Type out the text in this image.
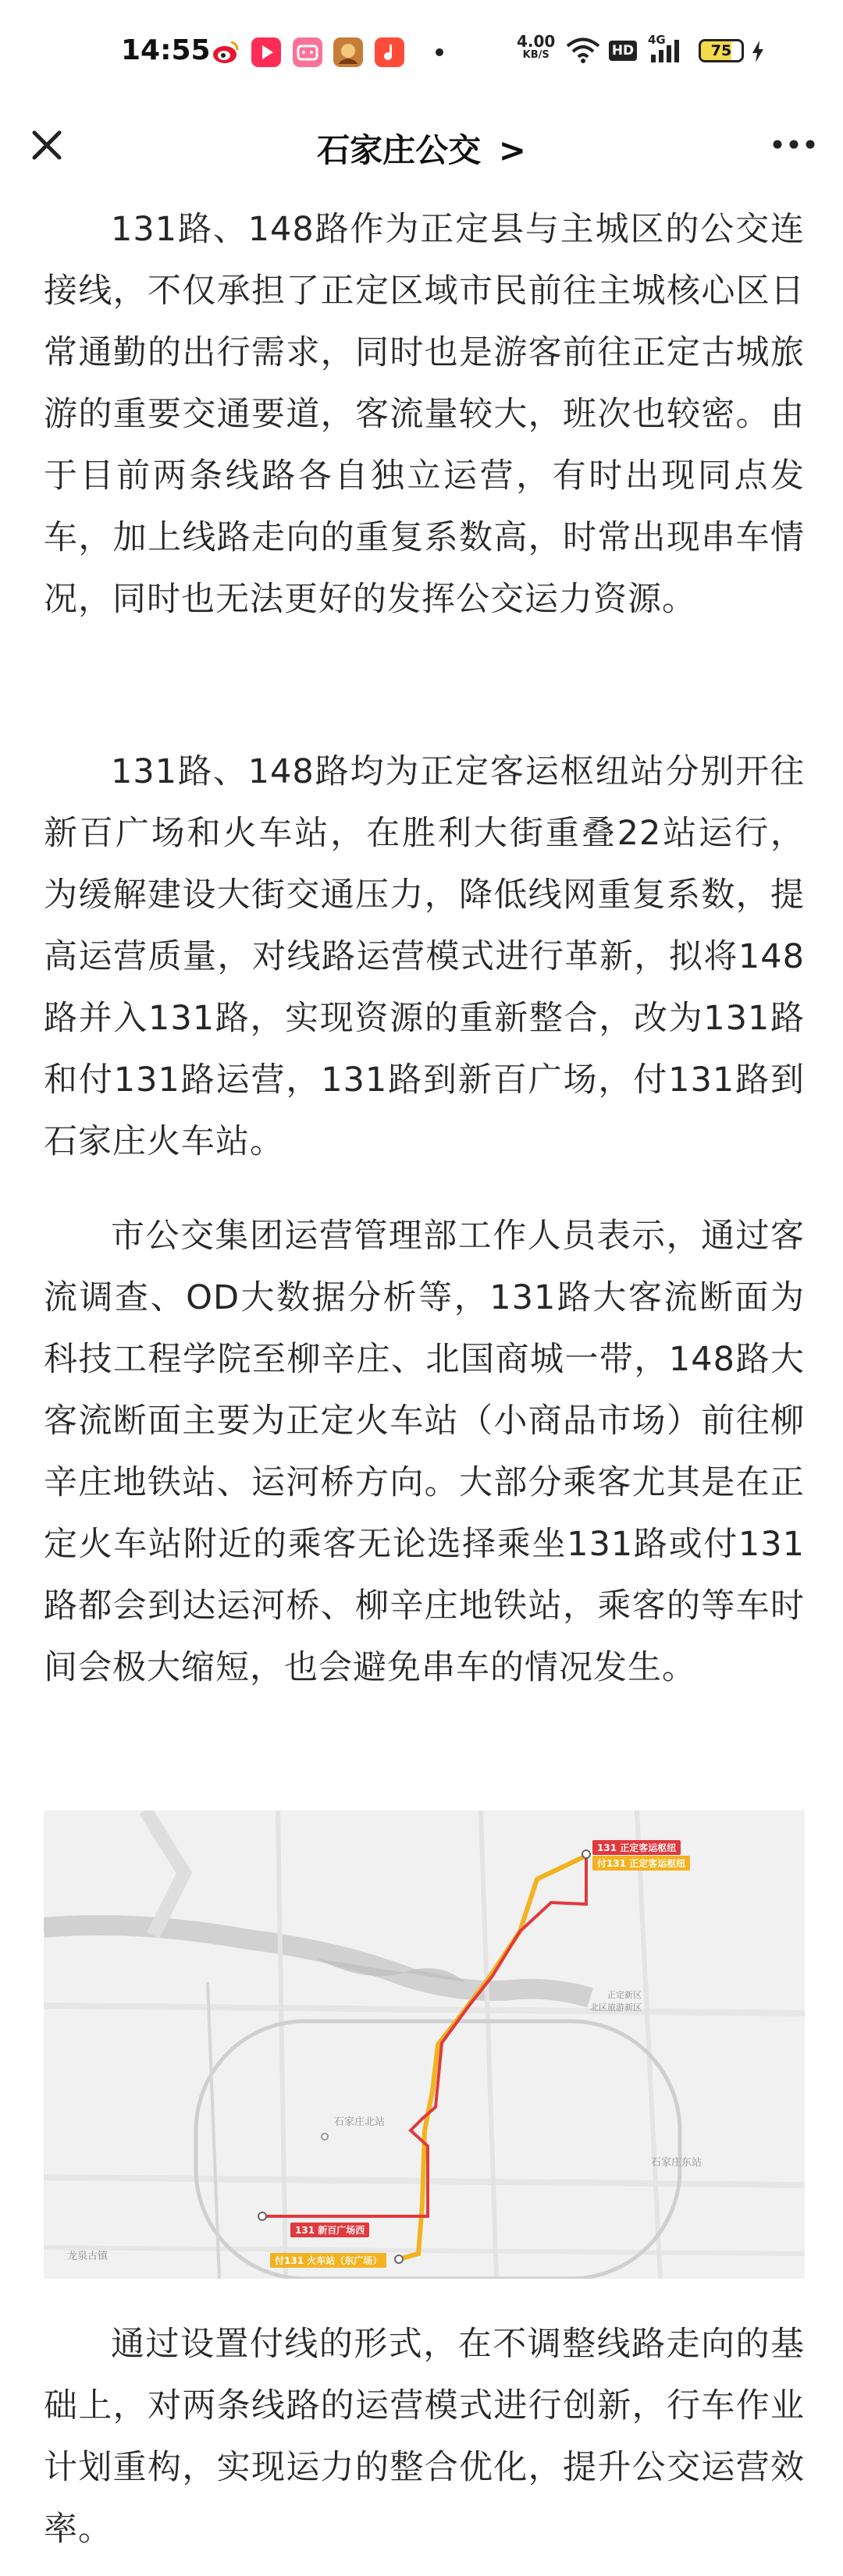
14:55	4.00
KB/S	HD
4G
75
石家庄公交 >

131路、148路作为正定县与主城区的公交连接线，不仅承担了正定区域市民前往主城核心区日常通勤的出行需求，同时也是游客前往正定古城旅游的重要交通要道，客流量较大，班次也较密。由于目前两条线路各自独立运营，有时出现同点发车，加上线路走向的重复系数高，时常出现串车情况，同时也无法更好的发挥公交运力资源。

131路、148路均为正定客运枢纽站分别开往新百广场和火车站，在胜利大街重叠22站运行，为缓解建设大街交通压力，降低线网重复系数，提高运营质量，对线路运营模式进行革新，拟将148路并入131路，实现资源的重新整合，改为131路和付131路运营，131路到新百广场，付131路到石家庄火车站。

市公交集团运营管理部工作人员表示，通过客流调查、OD大数据分析等，131路大客流断面为科技工程学院至柳辛庄、北国商城一带，148路大客流断面主要为正定火车站（小商品市场）前往柳辛庄地铁站、运河桥方向。大部分乘客尤其是在正定火车站附近的乘客无论选择乘坐131路或付131路都会到达运河桥、柳辛庄地铁站，乘客的等车时间会极大缩短，也会避免串车的情况发生。

石家庄北站
石家庄东站
正定新区
北区旅游新区
龙泉古镇
131 正定客运枢纽
付131 正定客运枢纽
131 新百广场西
付131 火车站（东广场）

通过设置付线的形式，在不调整线路走向的基础上，对两条线路的运营模式进行创新，行车作业计划重构，实现运力的整合优化，提升公交运营效率。
